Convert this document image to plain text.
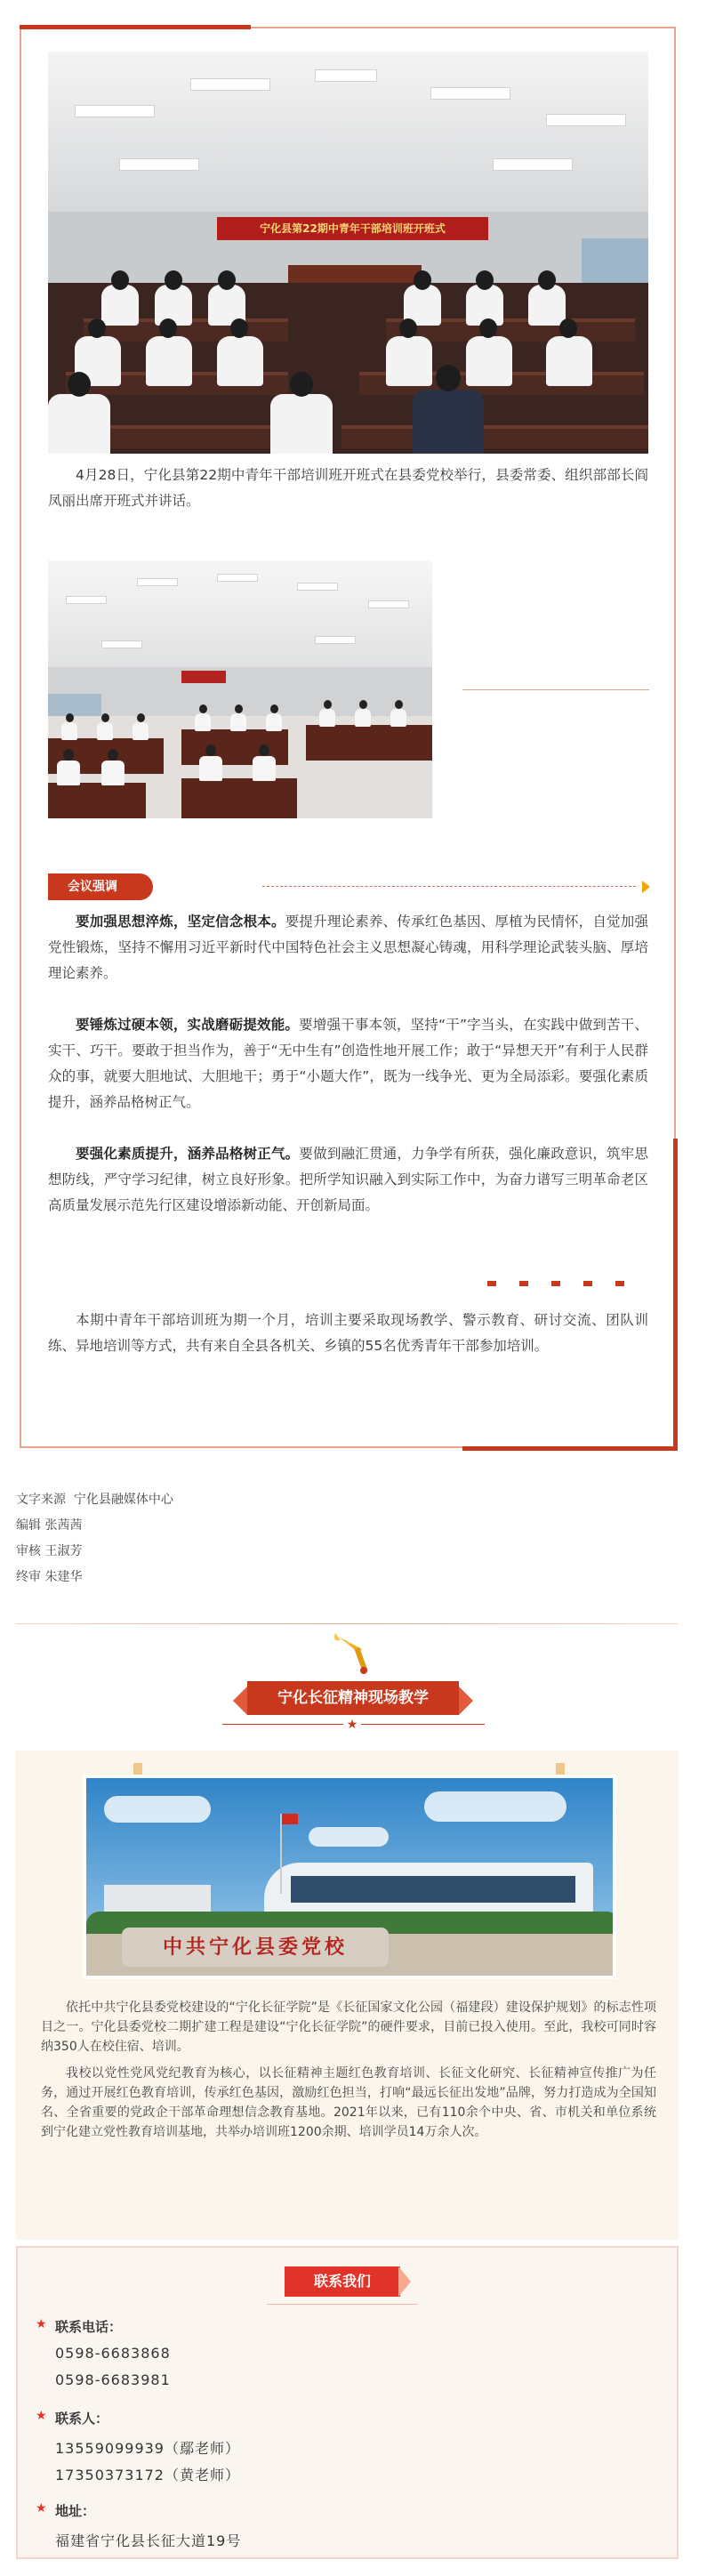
宁化县第22期中青年干部培训班开班式
4月28日，宁化县第22期中青年干部培训班开班式在县委党校举行，县委常委、组织部部长阎凤丽出席开班式并讲话。
会议强调
要加强思想淬炼，坚定信念根本。要提升理论素养、传承红色基因、厚植为民情怀，自觉加强党性锻炼，坚持不懈用习近平新时代中国特色社会主义思想凝心铸魂，用科学理论武装头脑、厚培理论素养。
要锤炼过硬本领，实战磨砺提效能。要增强干事本领，坚持“干”字当头，在实践中做到苦干、实干、巧干。要敢于担当作为，善于“无中生有”创造性地开展工作；敢于“异想天开”有利于人民群众的事，就要大胆地试、大胆地干；勇于“小题大作”，既为一线争光、更为全局添彩。要强化素质提升，涵养品格树正气。
要强化素质提升，涵养品格树正气。要做到融汇贯通，力争学有所获，强化廉政意识，筑牢思想防线，严守学习纪律，树立良好形象。把所学知识融入到实际工作中，为奋力谱写三明革命老区高质量发展示范先行区建设增添新动能、开创新局面。
本期中青年干部培训班为期一个月，培训主要采取现场教学、警示教育、研讨交流、团队训练、异地培训等方式，共有来自全县各机关、乡镇的55名优秀青年干部参加培训。
文字来源 宁化县融媒体中心
编辑 张茜茜
审核 王淑芳
终审 朱建华
宁化长征精神现场教学
★
中共宁化县委党校
依托中共宁化县委党校建设的“宁化长征学院”是《长征国家文化公园（福建段）建设保护规划》的标志性项目之一。宁化县委党校二期扩建工程是建设“宁化长征学院”的硬件要求，目前已投入使用。至此，我校可同时容纳350人在校住宿、培训。
我校以党性党风党纪教育为核心，以长征精神主题红色教育培训、长征文化研究、长征精神宣传推广为任务，通过开展红色教育培训，传承红色基因，激励红色担当，打响“最远长征出发地”品牌，努力打造成为全国知名、全省重要的党政企干部革命理想信念教育基地。2021年以来，已有110余个中央、省、市机关和单位系统到宁化建立党性教育培训基地，共举办培训班1200余期、培训学员14万余人次。
联系我们
★ 联系电话：
0598-6683868
0598-6683981
★ 联系人：
13559099939（鄢老师）
17350373172（黄老师）
★ 地址：
福建省宁化县长征大道19号
